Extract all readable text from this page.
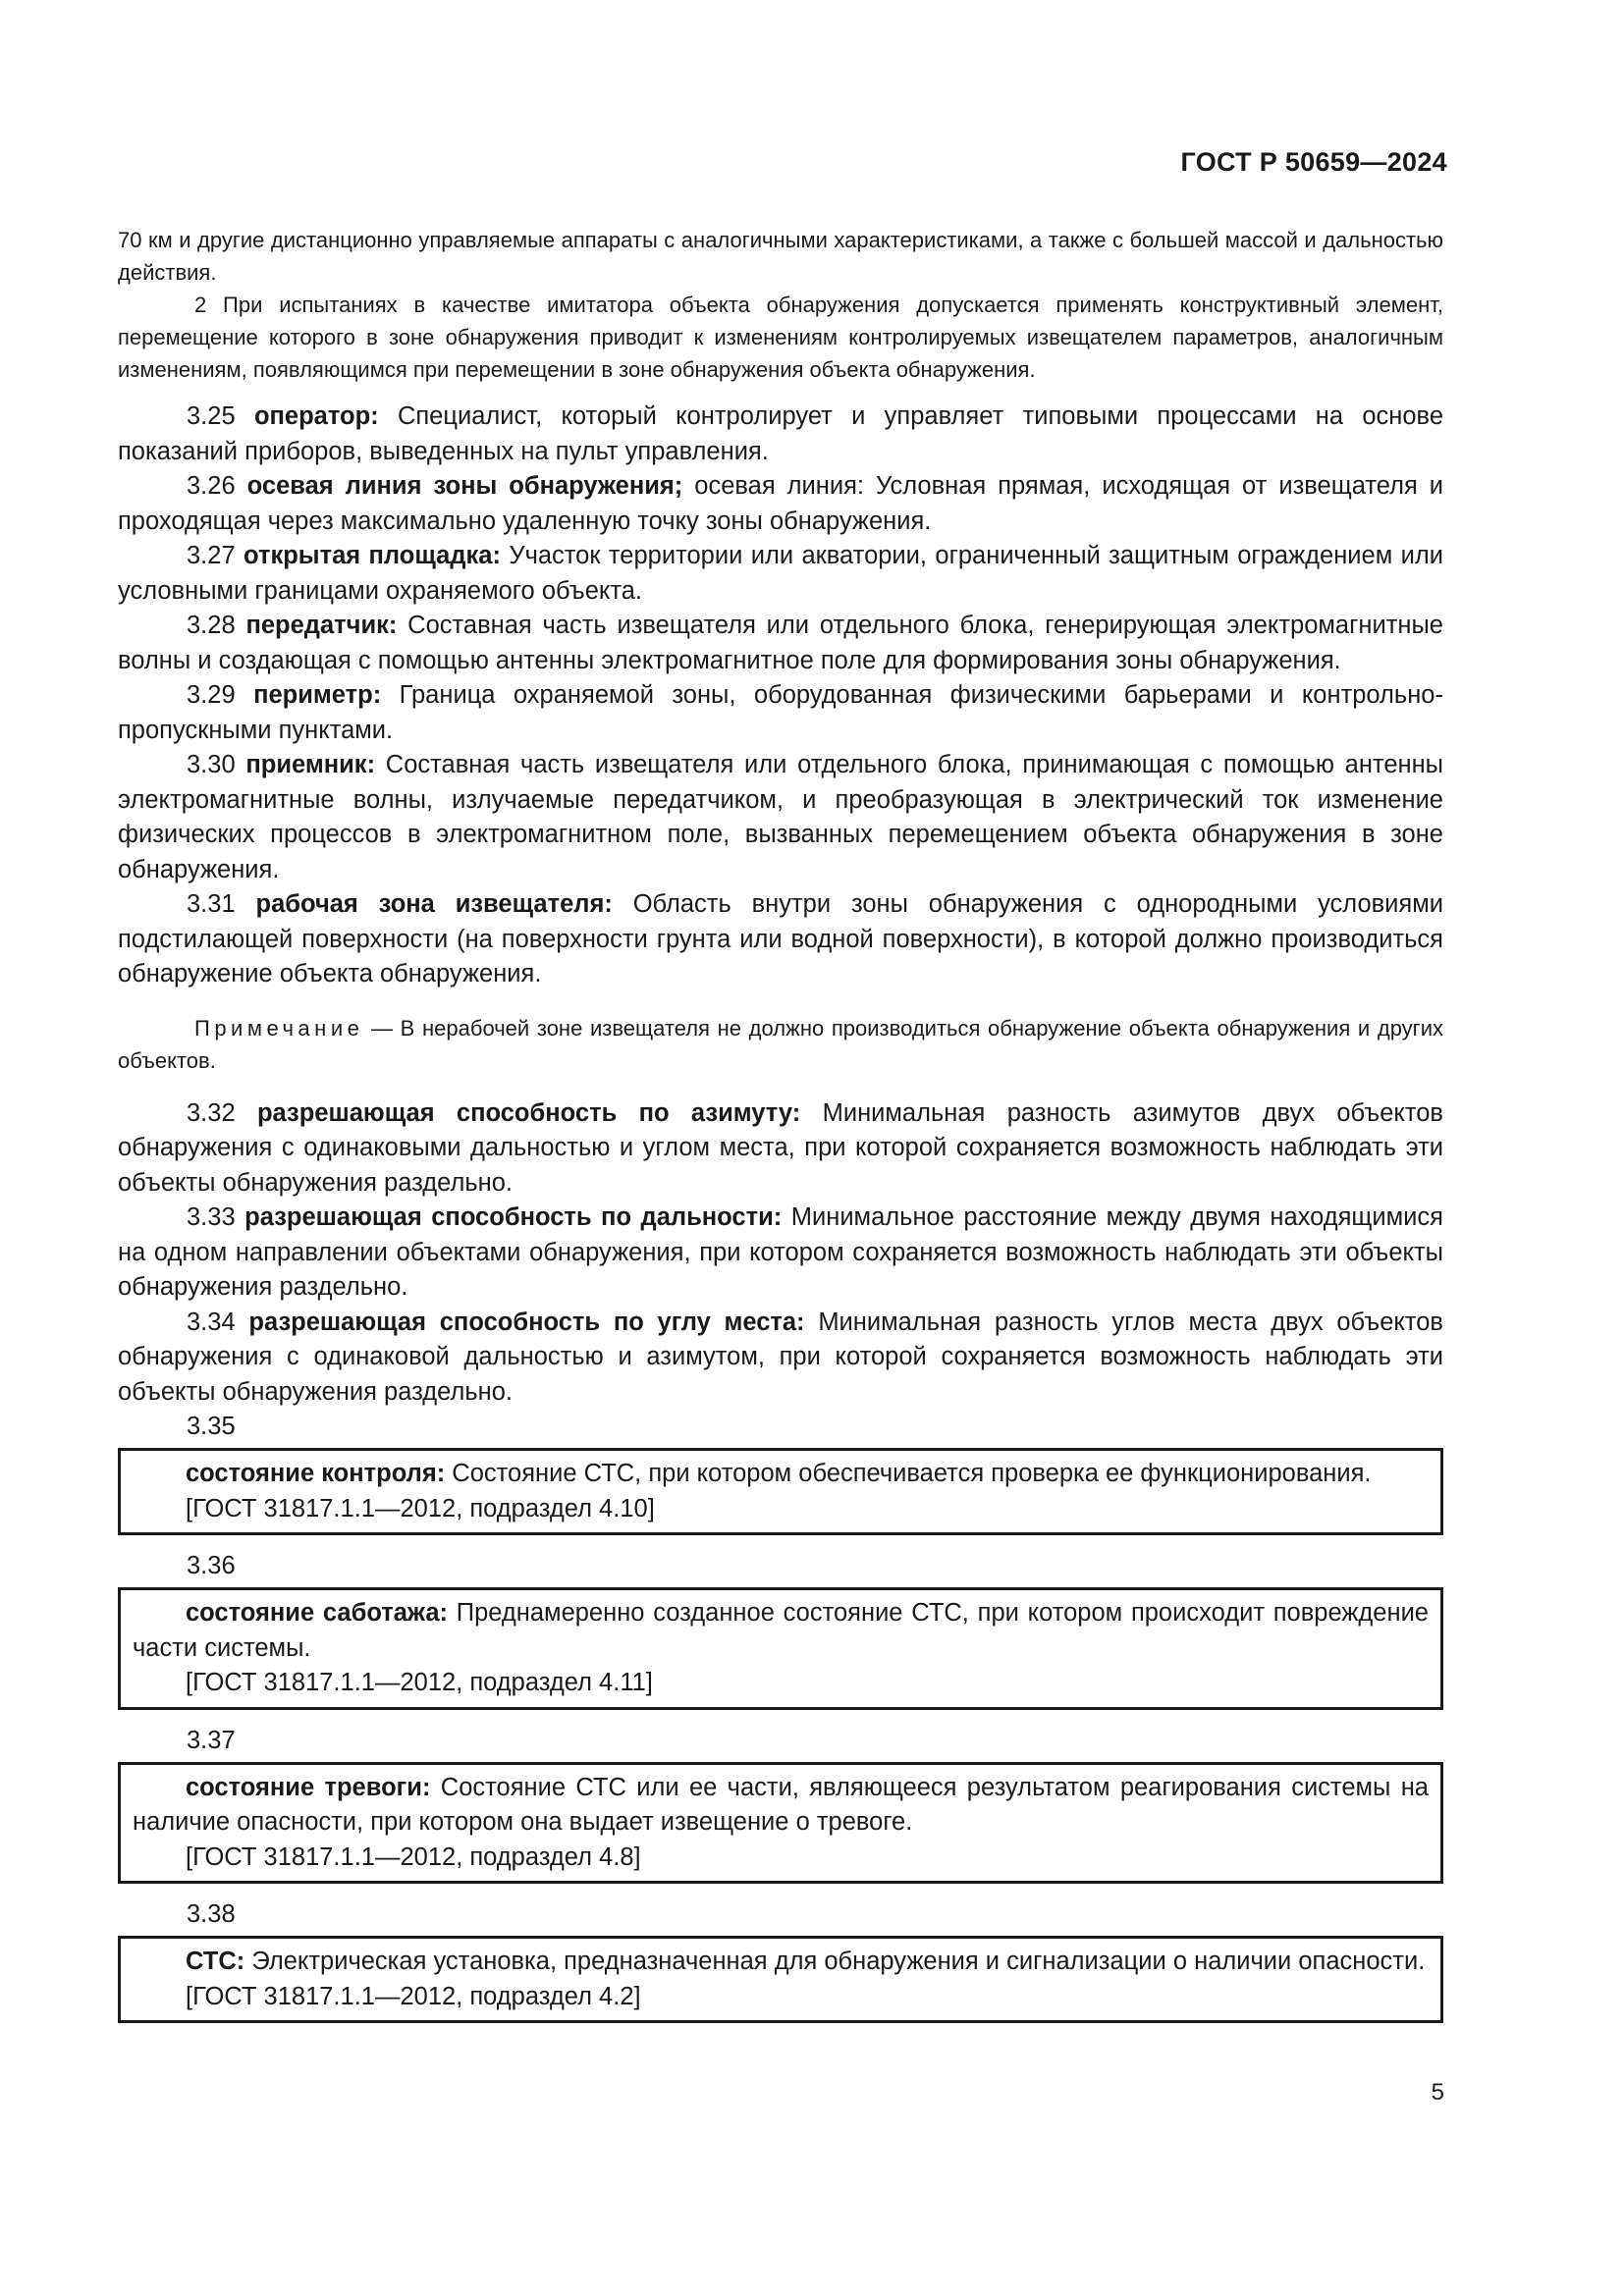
ГОСТ Р 50659—2024

70 км и другие дистанционно управляемые аппараты с аналогичными характеристиками, а также с большей массой и дальностью действия.

2 При испытаниях в качестве имитатора объекта обнаружения допускается применять конструктивный элемент, перемещение которого в зоне обнаружения приводит к изменениям контролируемых извещателем параметров, аналогичным изменениям, появляющимся при перемещении в зоне обнаружения объекта обнаружения.

3.25 оператор: Специалист, который контролирует и управляет типовыми процессами на основе показаний приборов, выведенных на пульт управления.

3.26 осевая линия зоны обнаружения; осевая линия: Условная прямая, исходящая от извещателя и проходящая через максимально удаленную точку зоны обнаружения.

3.27 открытая площадка: Участок территории или акватории, ограниченный защитным ограждением или условными границами охраняемого объекта.

3.28 передатчик: Составная часть извещателя или отдельного блока, генерирующая электромагнитные волны и создающая с помощью антенны электромагнитное поле для формирования зоны обнаружения.

3.29 периметр: Граница охраняемой зоны, оборудованная физическими барьерами и контрольно-пропускными пунктами.

3.30 приемник: Составная часть извещателя или отдельного блока, принимающая с помощью антенны электромагнитные волны, излучаемые передатчиком, и преобразующая в электрический ток изменение физических процессов в электромагнитном поле, вызванных перемещением объекта обнаружения в зоне обнаружения.

3.31 рабочая зона извещателя: Область внутри зоны обнаружения с однородными условиями подстилающей поверхности (на поверхности грунта или водной поверхности), в которой должно производиться обнаружение объекта обнаружения.

Примечание — В нерабочей зоне извещателя не должно производиться обнаружение объекта обнаружения и других объектов.

3.32 разрешающая способность по азимуту: Минимальная разность азимутов двух объектов обнаружения с одинаковыми дальностью и углом места, при которой сохраняется возможность наблюдать эти объекты обнаружения раздельно.

3.33 разрешающая способность по дальности: Минимальное расстояние между двумя находящимися на одном направлении объектами обнаружения, при котором сохраняется возможность наблюдать эти объекты обнаружения раздельно.

3.34 разрешающая способность по углу места: Минимальная разность углов места двух объектов обнаружения с одинаковой дальностью и азимутом, при которой сохраняется возможность наблюдать эти объекты обнаружения раздельно.

3.35

состояние контроля: Состояние СТС, при котором обеспечивается проверка ее функционирования.

[ГОСТ 31817.1.1—2012, подраздел 4.10]

3.36

состояние саботажа: Преднамеренно созданное состояние СТС, при котором происходит повреждение части системы.

[ГОСТ 31817.1.1—2012, подраздел 4.11]

3.37

состояние тревоги: Состояние СТС или ее части, являющееся результатом реагирования системы на наличие опасности, при котором она выдает извещение о тревоге.

[ГОСТ 31817.1.1—2012, подраздел 4.8]

3.38

СТС: Электрическая установка, предназначенная для обнаружения и сигнализации о наличии опасности.

[ГОСТ 31817.1.1—2012, подраздел 4.2]

5
